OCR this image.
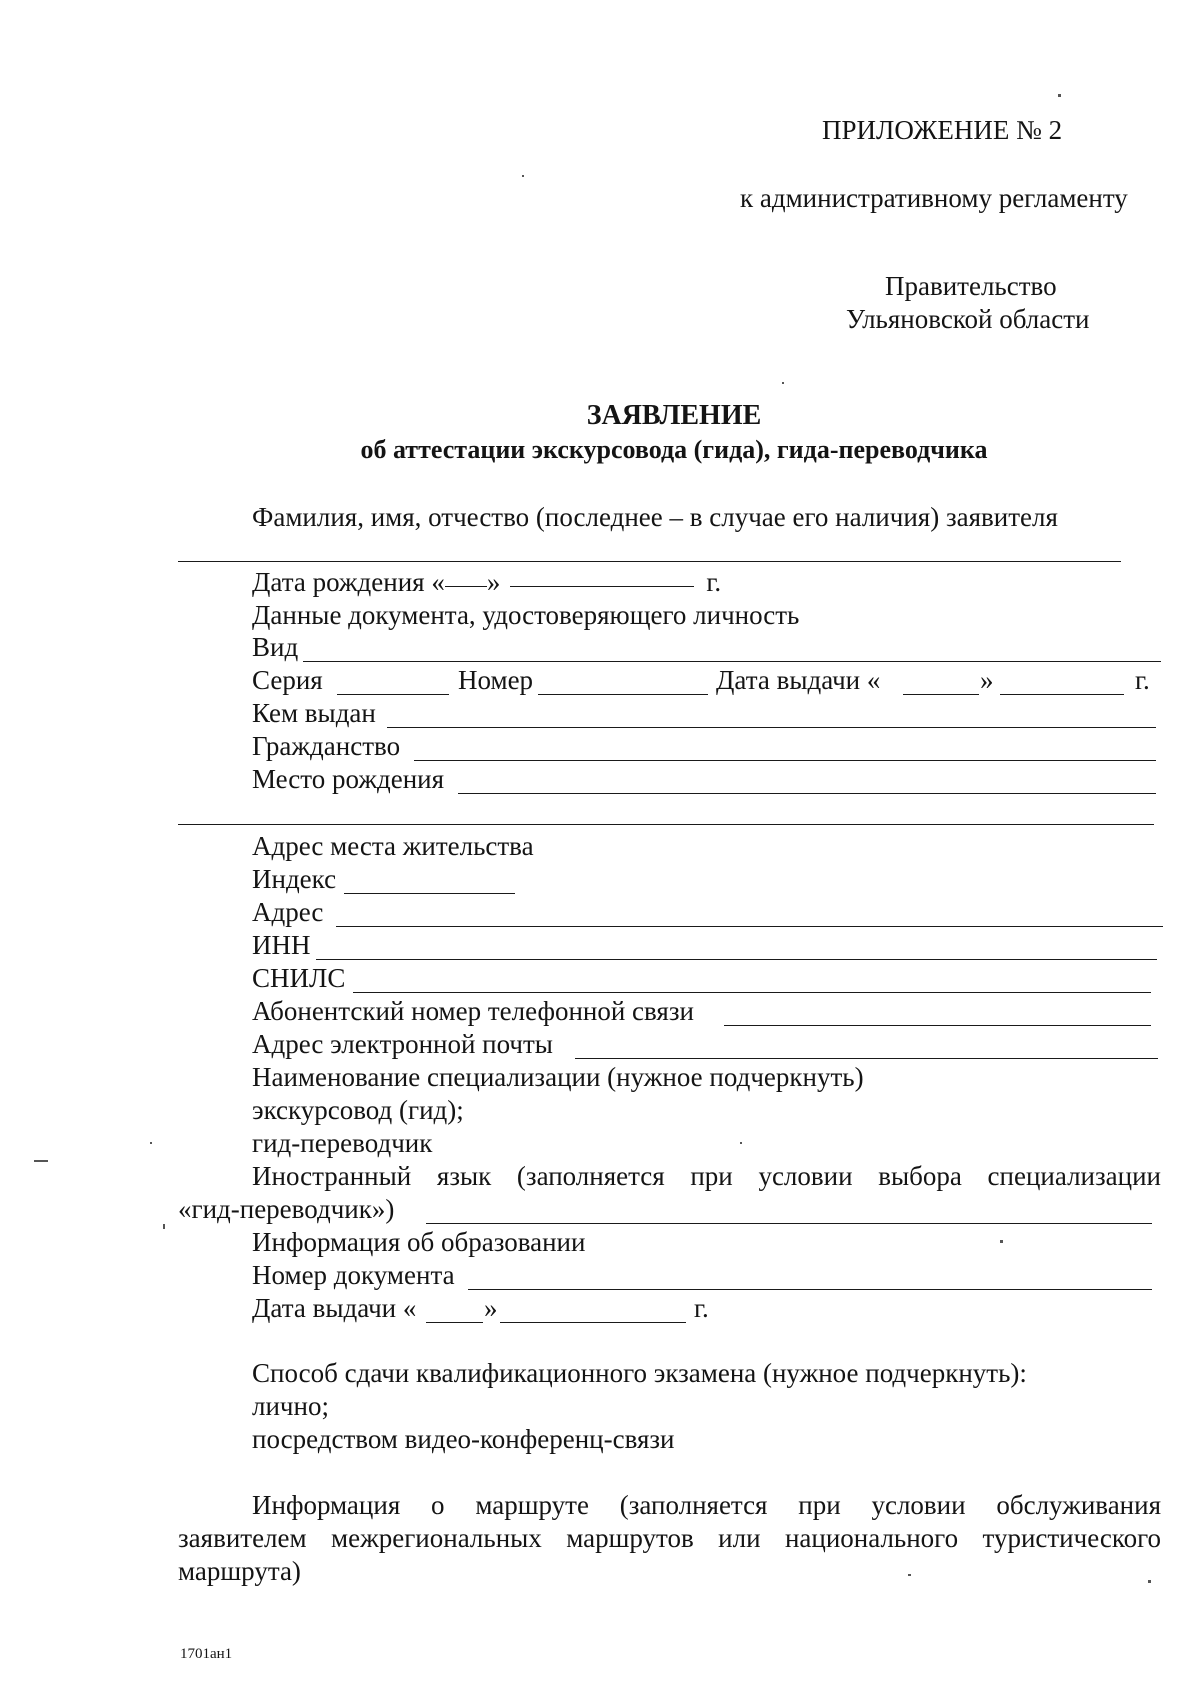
ПРИЛОЖЕНИЕ № 2
к административному регламенту
Правительство
Ульяновской области
ЗАЯВЛЕНИЕ
об аттестации экскурсовода (гида), гида-переводчика
Фамилия, имя, отчество (последнее – в случае его наличия) заявителя
Дата рождения « »	г.
Данные документа, удостоверяющего личность
Вид
Серия	Номер	Дата выдачи «	»	г.
Кем выдан
Гражданство
Место рождения
Адрес места жительства
Индекс
Адрес
ИНН
СНИЛС
Абонентский номер телефонной связи
Адрес электронной почты
Наименование специализации (нужное подчеркнуть)
экскурсовод (гид);
гид-переводчик
Иностранный язык (заполняется при условии выбора специализации
«гид-переводчик»)
Информация об образовании
Номер документа
Дата выдачи «	»	г.
Способ сдачи квалификационного экзамена (нужное подчеркнуть):
лично;
посредством видео-конференц-связи
Информация о маршруте (заполняется при условии обслуживания
заявителем межрегиональных маршрутов или национального туристического
маршрута)
1701ан1
